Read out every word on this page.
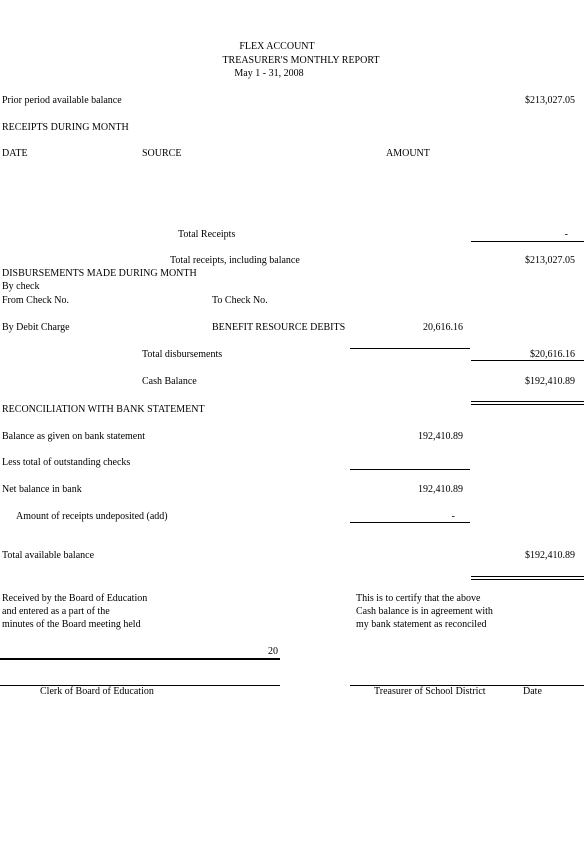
FLEX ACCOUNT
TREASURER'S MONTHLY REPORT
May 1 - 31, 2008
Prior period available balance	$213,027.05
RECEIPTS DURING MONTH
DATE	SOURCE	AMOUNT
Total Receipts	-
Total receipts, including balance	$213,027.05
DISBURSEMENTS MADE DURING MONTH
By check
From Check No.	To Check No.
By Debit Charge	BENEFIT RESOURCE DEBITS	20,616.16
Total disbursements	$20,616.16
Cash Balance	$192,410.89
RECONCILIATION WITH BANK STATEMENT
Balance as given on bank statement	192,410.89
Less total of outstanding checks
Net balance in bank	192,410.89
Amount of receipts undeposited (add)	-
Total available balance	$192,410.89
Received by the Board of Education
and entered as a part of the
minutes of the Board meeting held
20
Clerk of Board of Education
This is to certify that the above
Cash balance is in agreement with
my bank statement as reconciled
Treasurer of School District	Date
